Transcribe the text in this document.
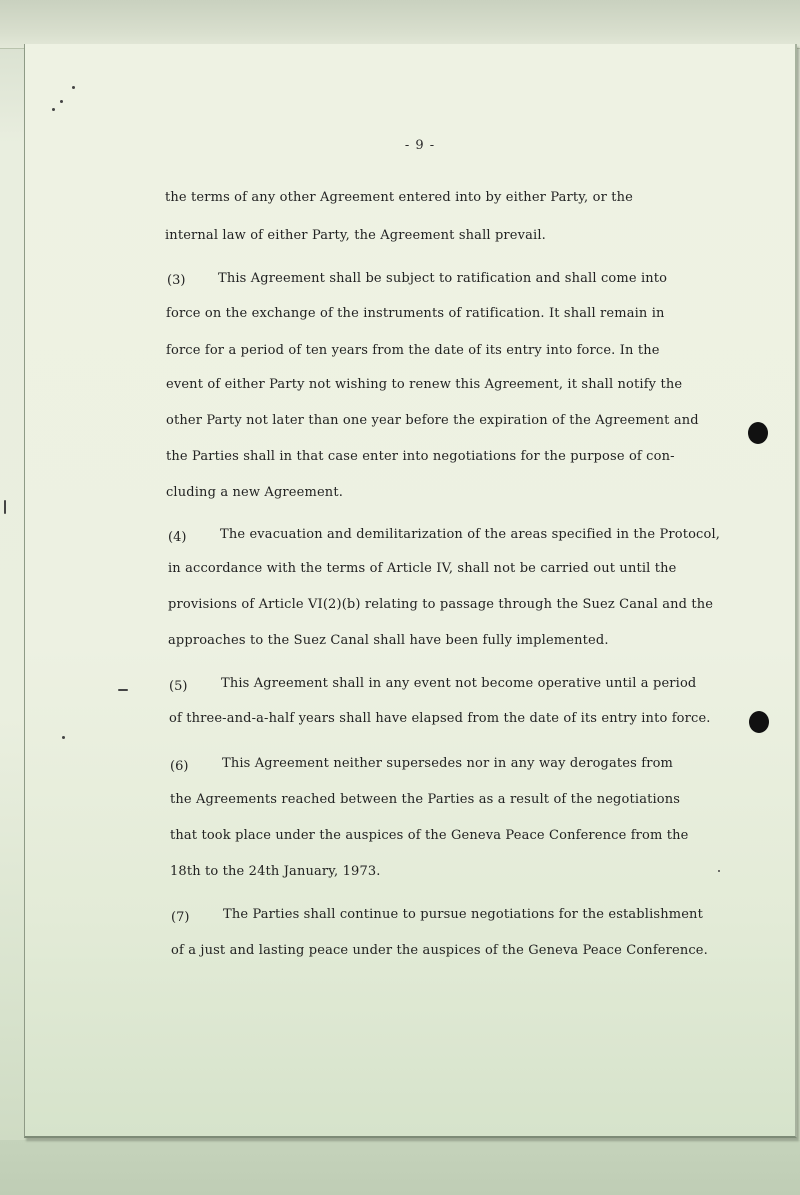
- 9 -
the terms of any other Agreement entered into by either Party, or the
internal law of either Party, the Agreement shall prevail.
(3)	This Agreement shall be subject to ratification and shall come into
force on the exchange of the instruments of ratification. It shall remain in
force for a period of ten years from the date of its entry into force. In the
event of either Party not wishing to renew this Agreement, it shall notify the
other Party not later than one year before the expiration of the Agreement and
the Parties shall in that case enter into negotiations for the purpose of con-
cluding a new Agreement.
(4)	The evacuation and demilitarization of the areas specified in the Protocol,
in accordance with the terms of Article IV, shall not be carried out until the
provisions of Article VI(2)(b) relating to passage through the Suez Canal and the
approaches to the Suez Canal shall have been fully implemented.
(5)	This Agreement shall in any event not become operative until a period
of three-and-a-half years shall have elapsed from the date of its entry into force.
(6)	This Agreement neither supersedes nor in any way derogates from
the Agreements reached between the Parties as a result of the negotiations
that took place under the auspices of the Geneva Peace Conference from the
18th to the 24th January, 1973.
(7)	The Parties shall continue to pursue negotiations for the establishment
of a just and lasting peace under the auspices of the Geneva Peace Conference.
